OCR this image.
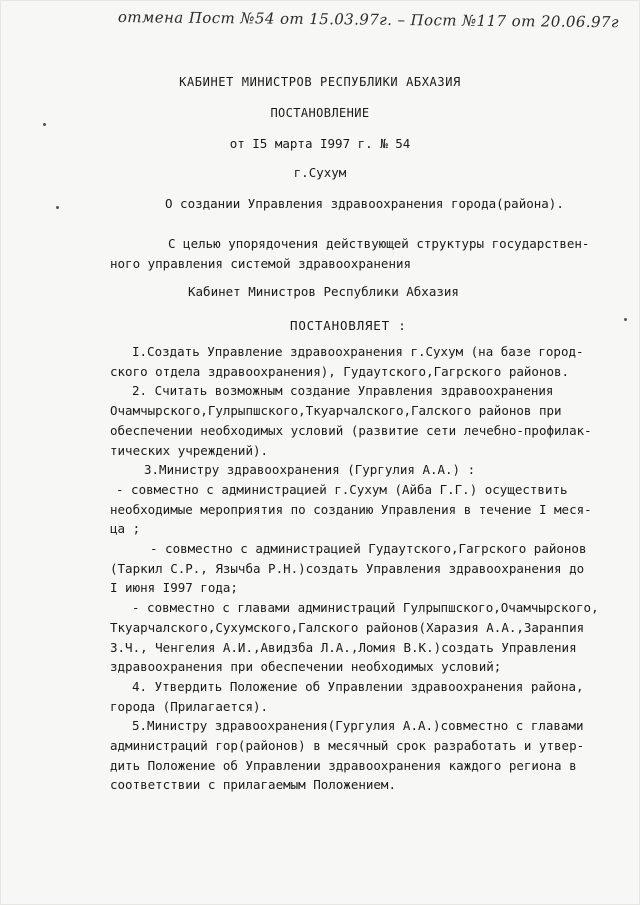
отмена Пост №54 от 15.03.97г. – Пост №117 от 20.06.97г
КАБИНЕТ МИНИСТРОВ РЕСПУБЛИКИ АБХАЗИЯ
ПОСТАНОВЛЕНИЕ
от I5 марта I997 г. № 54
г.Сухум
О создании Управления здравоохранения города(района).
С целью упорядочения действующей структуры государствен-
ного управления системой здравоохранения
Кабинет Министров Республики Абхазия
ПОСТАНОВЛЯЕТ :
I.Создать Управление здравоохранения г.Сухум (на базе город-
ского отдела здравоохранения), Гудаутского,Гагрского районов.
2. Считать возможным создание Управления здравоохранения
Очамчырского,Гулрыпшского,Ткуарчалского,Галского районов при
обеспечении необходимых условий (развитие сети лечебно-профилак-
тических учреждений).
3.Министру здравоохранения (Гургулия А.А.) :
- совместно с администрацией г.Сухум (Айба Г.Г.) осуществить
необходимые мероприятия по созданию Управления в течение I меся-
ца ;
- совместно с администрацией Гудаутского,Гагрского районов
(Таркил С.Р., Язычба Р.Н.)создать Управления здравоохранения до
I июня I997 года;
- совместно с главами администраций Гулрыпшского,Очамчырского,
Ткуарчалского,Сухумского,Галского районов(Харазия А.А.,Заранпия
З.Ч., Ченгелия А.И.,Авидзба Л.А.,Ломия В.К.)создать Управления
здравоохранения при обеспечении необходимых условий;
4. Утвердить Положение об Управлении здравоохранения района,
города (Прилагается).
5.Министру здравоохранения(Гургулия А.А.)совместно с главами
администраций гор(районов) в месячный срок разработать и утвер-
дить Положение об Управлении здравоохранения каждого региона в
соответствии с прилагаемым Положением.
